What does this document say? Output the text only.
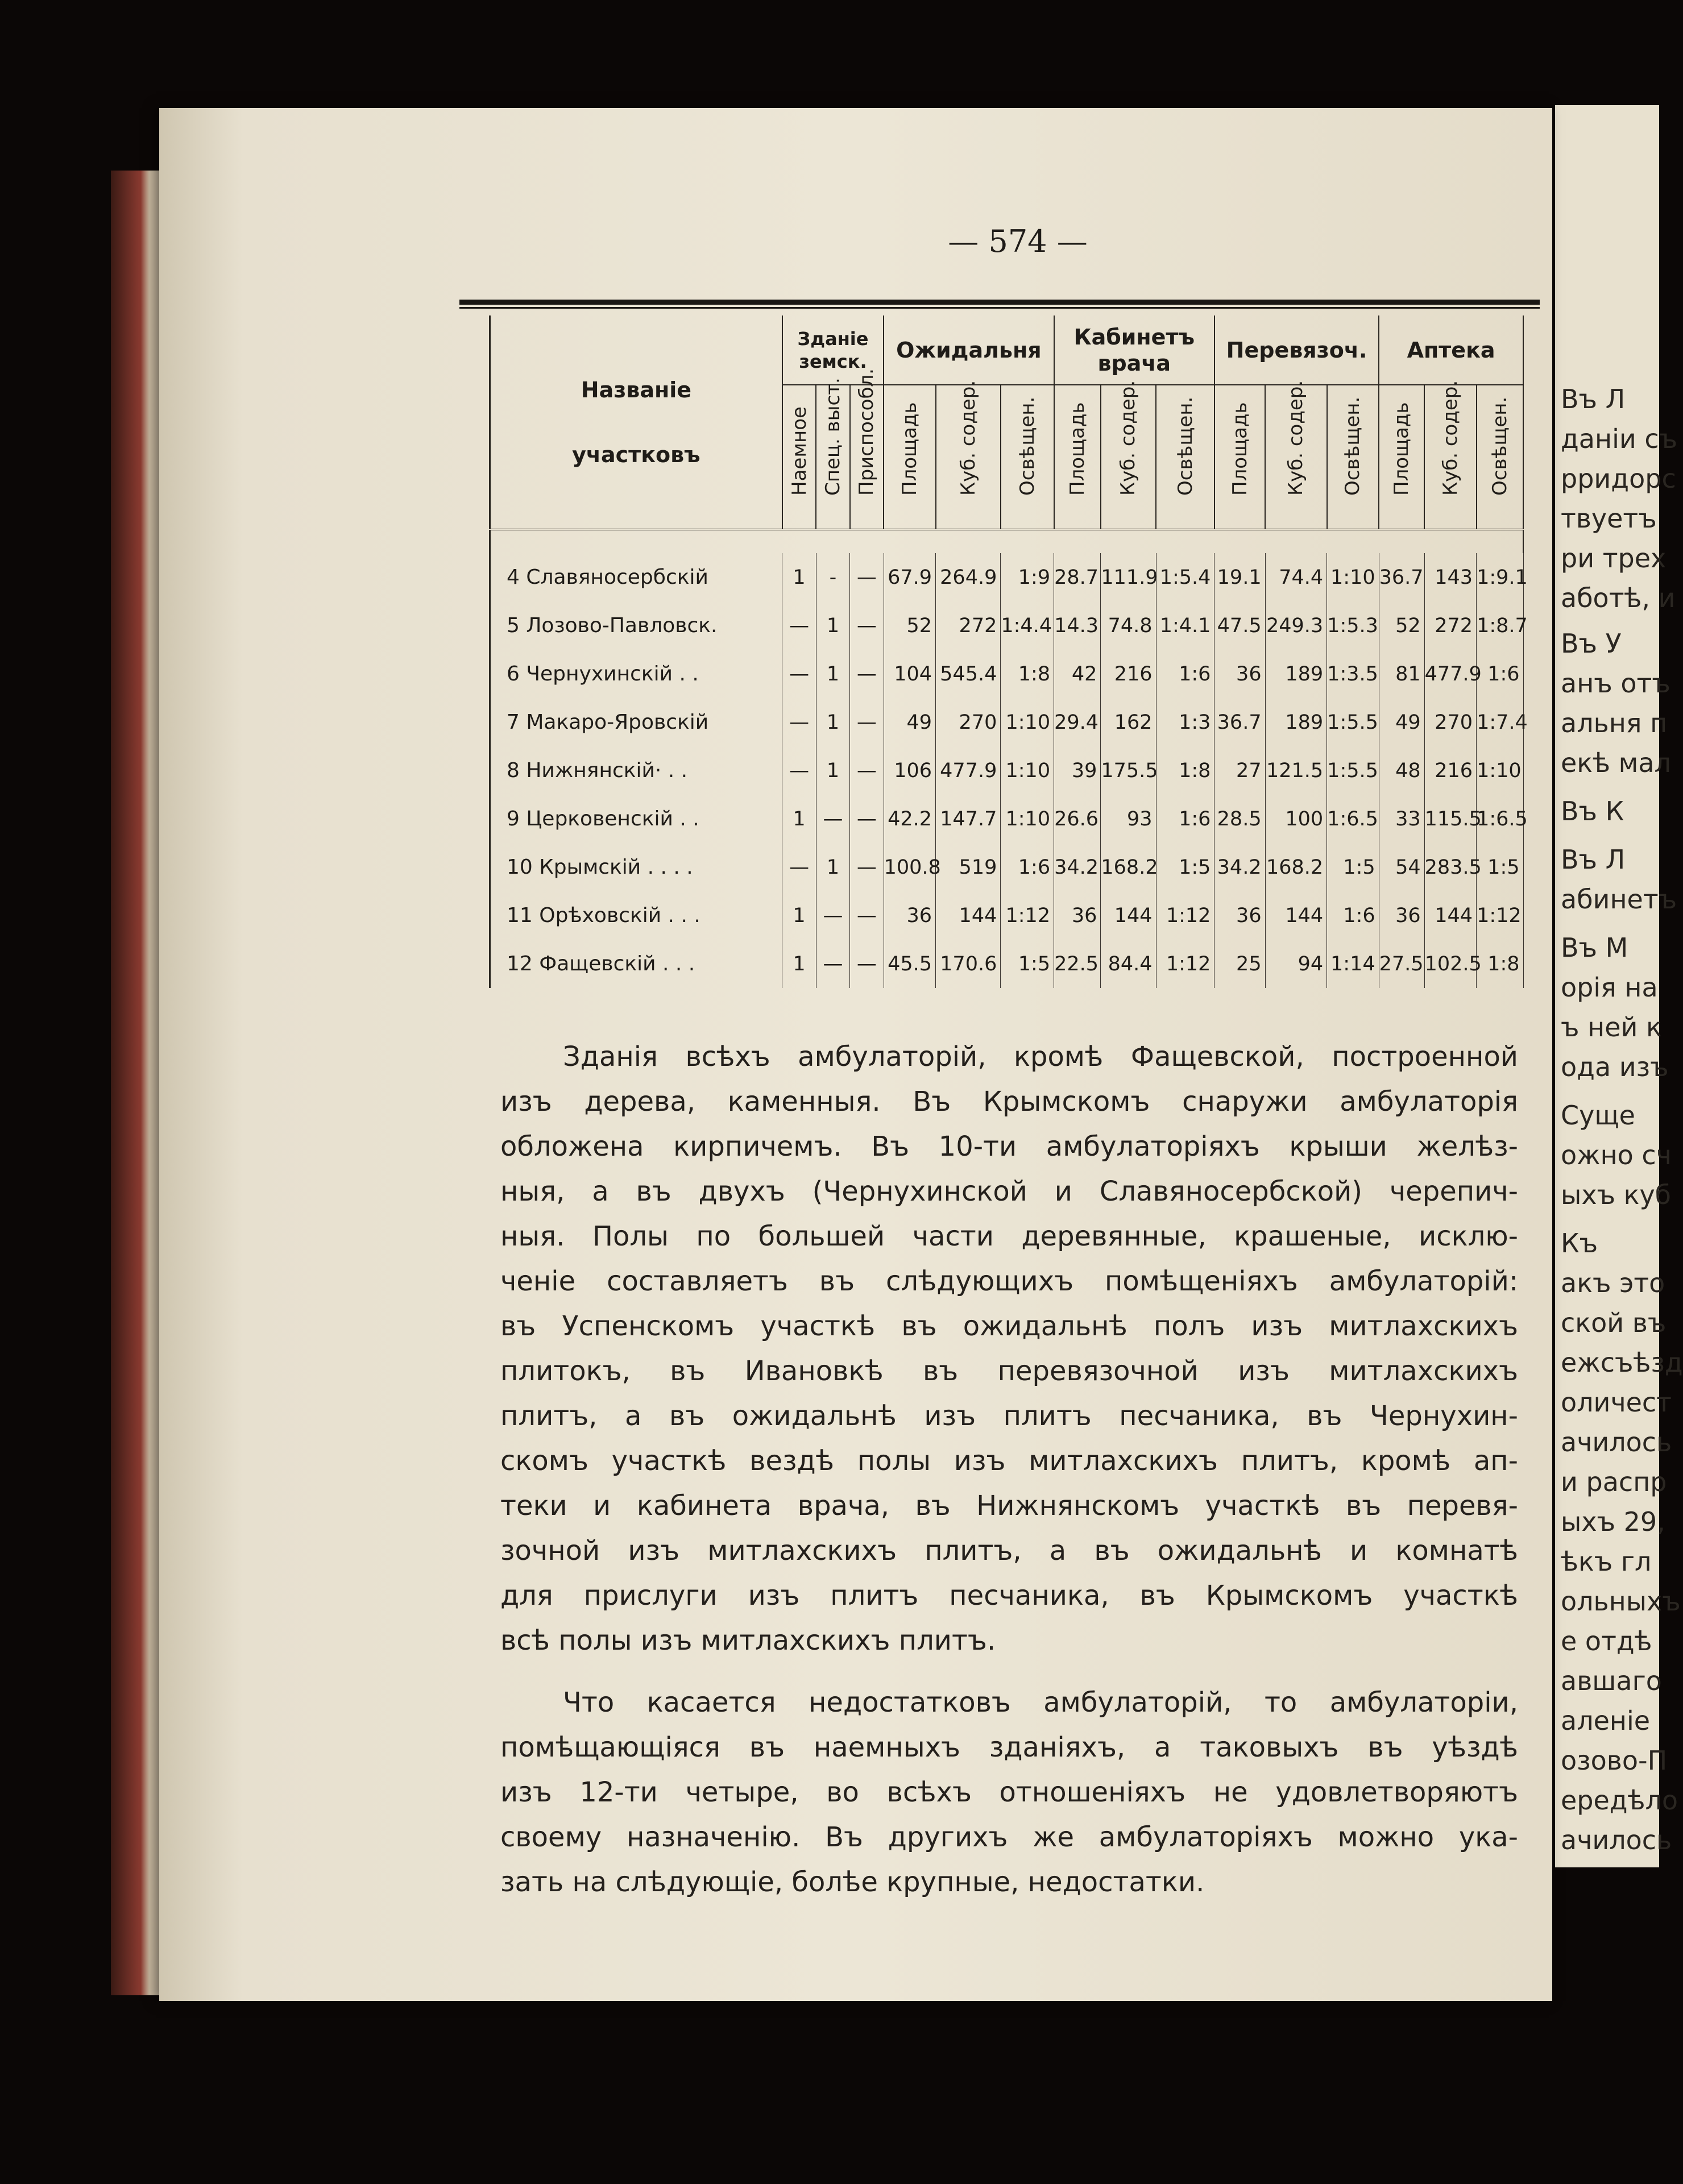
Въ Л
даніи съ
рридорс
твуетъ
ри трех
аботѣ, и
Въ У
анъ отъ
альня п
екѣ мал
Въ К
Въ Л
абинетъ
Въ М
орія на
ъ ней к
ода изъ
Суще
ожно сч
ыхъ куб
Къ
акъ это
ской въ
ежсъѣзд
оличест
ачилось
и распр
ыхъ 29,
ѣкъ гл
ольныхъ
е отдѣ
авшаго
аленіе
озово-П
ередѣло
ачилось
— 574 —
Названіе
участковъ	Зданіе земск.			Ожидальня			Кабинетъ врача			Перевязоч.			Аптека		

	Наемное	Спец. выст.	Приспособл.	Площадь	Куб. содер.	Освѣщен.	Площадь	Куб. содер.	Освѣщен.	Площадь	Куб. содер.	Освѣщен.	Площадь	Куб. содер.	Освѣщен.

4 Славяносербскій	1	-	—	67.9	264.9	1:9	28.7	111.9	1:5.4	19.1	74.4	1:10	36.7	143	1:9.1
5 Лозово-Павловск.	—	1	—	52	272	1:4.4	14.3	74.8	1:4.1	47.5	249.3	1:5.3	52	272	1:8.7
6 Чернухинскій . .	—	1	—	104	545.4	1:8	42	216	1:6	36	189	1:3.5	81	477.9	1:6
7 Макаро-Яровскій	—	1	—	49	270	1:10	29.4	162	1:3	36.7	189	1:5.5	49	270	1:7.4
8 Нижнянскій· . .	—	1	—	106	477.9	1:10	39	175.5	1:8	27	121.5	1:5.5	48	216	1:10
9 Церковенскій . .	1	—	—	42.2	147.7	1:10	26.6	93	1:6	28.5	100	1:6.5	33	115.5	1:6.5
10 Крымскій . . . .	—	1	—	100.8	519	1:6	34.2	168.2	1:5	34.2	168.2	1:5	54	283.5	1:5
11 Орѣховскій . . .	1	—	—	36	144	1:12	36	144	1:12	36	144	1:6	36	144	1:12
12 Фащевскій . . .	1	—	—	45.5	170.6	1:5	22.5	84.4	1:12	25	94	1:14	27.5	102.5	1:8

Зданія всѣхъ амбулаторій, кромѣ Фащевской, построенной
изъ дерева, каменныя. Въ Крымскомъ снаружи амбулаторія
обложена кирпичемъ. Въ 10-ти амбулаторіяхъ крыши желѣз-
ныя, а въ двухъ (Чернухинской и Славяносербской) черепич-
ныя. Полы по большей части деревянные, крашеные, исклю-
ченіе составляетъ въ слѣдующихъ помѣщеніяхъ амбулаторій:
въ Успенскомъ участкѣ въ ожидальнѣ полъ изъ митлахскихъ
плитокъ, въ Ивановкѣ въ перевязочной изъ митлахскихъ
плитъ, а въ ожидальнѣ изъ плитъ песчаника, въ Чернухин-
скомъ участкѣ вездѣ полы изъ митлахскихъ плитъ, кромѣ ап-
теки и кабинета врача, въ Нижнянскомъ участкѣ въ перевя-
зочной изъ митлахскихъ плитъ, а въ ожидальнѣ и комнатѣ
для прислуги изъ плитъ песчаника, въ Крымскомъ участкѣ
всѣ полы изъ митлахскихъ плитъ.

Что касается недостатковъ амбулаторій, то амбулаторіи,
помѣщающіяся въ наемныхъ зданіяхъ, а таковыхъ въ уѣздѣ
изъ 12-ти четыре, во всѣхъ отношеніяхъ не удовлетворяютъ
своему назначенію. Въ другихъ же амбулаторіяхъ можно ука-
зать на слѣдующіе, болѣе крупные, недостатки.
